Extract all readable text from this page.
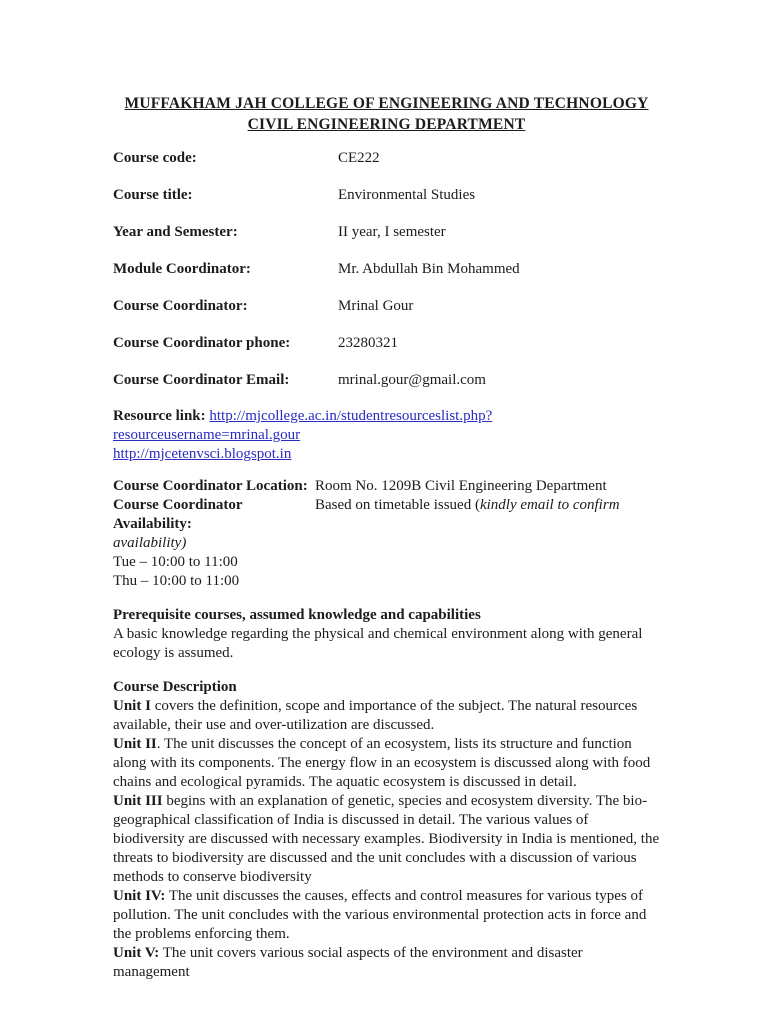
MUFFAKHAM JAH COLLEGE OF ENGINEERING AND TECHNOLOGY
CIVIL ENGINEERING DEPARTMENT
Course code:	CE222
Course title:	Environmental Studies
Year and Semester:	II year, I semester
Module Coordinator:	Mr. Abdullah Bin Mohammed
Course Coordinator:	Mrinal Gour
Course Coordinator phone:	23280321
Course Coordinator Email:	mrinal.gour@gmail.com
Resource link: http://mjcollege.ac.in/studentresourceslist.php?resourceusername=mrinal.gour
http://mjcetenvsci.blogspot.in
Course Coordinator Location: Room No. 1209B Civil Engineering Department
Course Coordinator Availability:Based on timetable issued (kindly email to confirm
availability)
Tue – 10:00 to 11:00
Thu – 10:00 to 11:00
Prerequisite courses, assumed knowledge and capabilities
A basic knowledge regarding the physical and chemical environment along with general ecology is assumed.
Course Description
Unit I covers the definition, scope and importance of the subject. The natural resources available, their use and over-utilization are discussed.
Unit II. The unit discusses the concept of an ecosystem, lists its structure and function along with its components. The energy flow in an ecosystem is discussed along with food chains and ecological pyramids. The aquatic ecosystem is discussed in detail.
Unit III begins with an explanation of genetic, species and ecosystem diversity. The bio-geographical classification of India is discussed in detail. The various values of biodiversity are discussed with necessary examples. Biodiversity in India is mentioned, the threats to biodiversity are discussed and the unit concludes with a discussion of various methods to conserve biodiversity
Unit IV: The unit discusses the causes, effects and control measures for various types of pollution. The unit concludes with the various environmental protection acts in force and the problems enforcing them.
Unit V: The unit covers various social aspects of the environment and disaster management
